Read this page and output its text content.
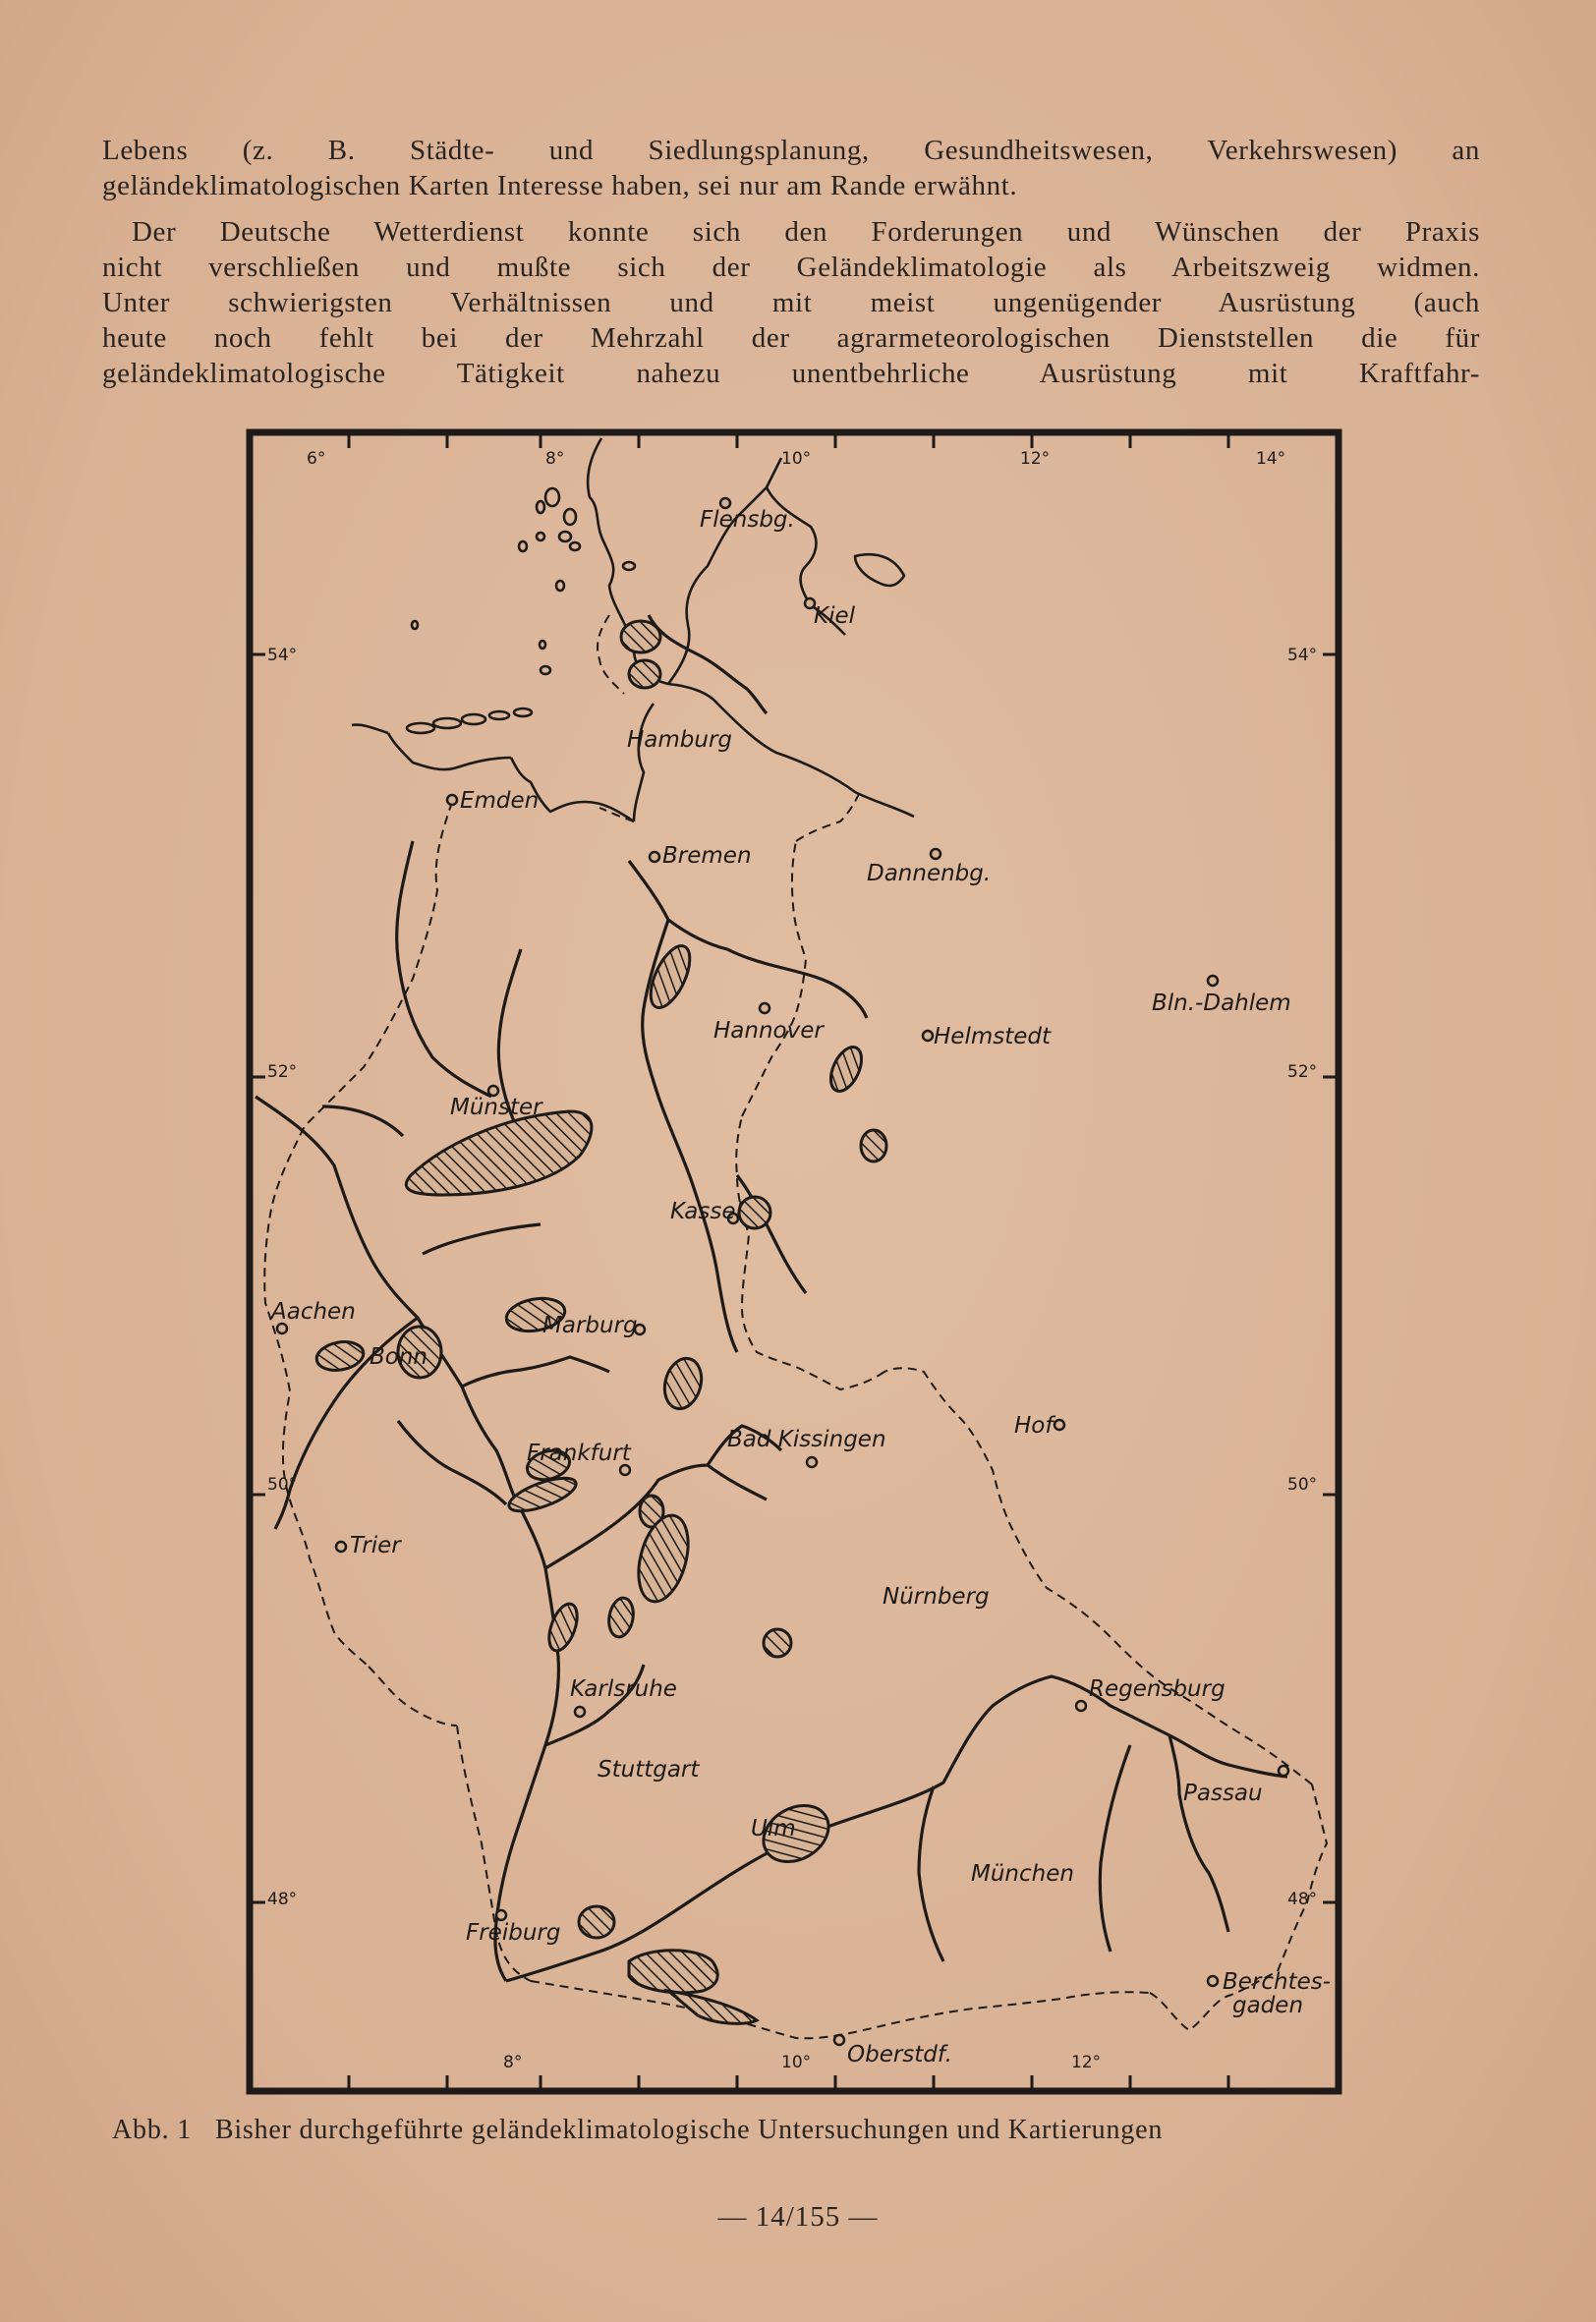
Lebens (z. B. Städte- und Siedlungsplanung, Gesundheitswesen, Verkehrswesen) an

geländeklimatologischen Karten Interesse haben, sei nur am Rande erwähnt.

Der Deutsche Wetterdienst konnte sich den Forderungen und Wünschen der Praxis

nicht verschließen und mußte sich der Geländeklimatologie als Arbeitszweig widmen.

Unter schwierigsten Verhältnissen und mit meist ungenügender Ausrüstung (auch

heute noch fehlt bei der Mehrzahl der agrarmeteorologischen Dienststellen die für

geländeklimatologische Tätigkeit nahezu unentbehrliche Ausrüstung mit Kraftfahr-

6°	8°	10°	12°	14°
8°	10°	12°
54°
52°
50°
48°
54°
52°
50°
48°
Flensbg.
Kiel
Hamburg
Emden
Bremen
Dannenbg.
Bln.-Dahlem
Hannover	Helmstedt
Münster
Kassel
Aachen
Bonn
Marburg
Bad Kissingen
Hof
Frankfurt
Trier
Nürnberg
Karlsruhe	Regensburg
Stuttgart
Passau
Ulm
München
Freiburg
Berchtes-
gaden
Oberstdf.
Abb. 1 Bisher durchgeführte geländeklimatologische Untersuchungen und Kartierungen
— 14/155 —
